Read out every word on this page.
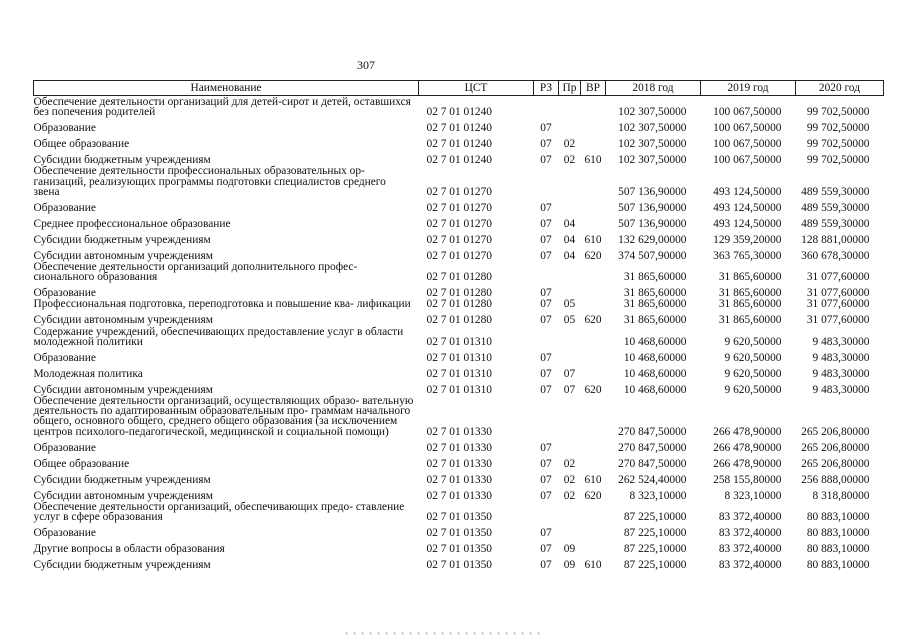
307
Наименование	ЦСТ	РЗ	Пр	ВР	2018 год	2019 год	2020 год
Обеспечение деятельности организаций для детей-сирот и детей, оставшихся без попечения родителей	02 7 01 01240				102 307,50000	100 067,50000	99 702,50000
Образование	02 7 01 01240	07			102 307,50000	100 067,50000	99 702,50000
Общее образование	02 7 01 01240	07	02		102 307,50000	100 067,50000	99 702,50000
Субсидии бюджетным учреждениям	02 7 01 01240	07	02	610	102 307,50000	100 067,50000	99 702,50000
Обеспечение деятельности профессиональных образовательных ор- ганизаций, реализующих программы подготовки специалистов среднего звена	02 7 01 01270				507 136,90000	493 124,50000	489 559,30000
Образование	02 7 01 01270	07			507 136,90000	493 124,50000	489 559,30000
Среднее профессиональное образование	02 7 01 01270	07	04		507 136,90000	493 124,50000	489 559,30000
Субсидии бюджетным учреждениям	02 7 01 01270	07	04	610	132 629,00000	129 359,20000	128 881,00000
Субсидии автономным учреждениям	02 7 01 01270	07	04	620	374 507,90000	363 765,30000	360 678,30000
Обеспечение деятельности организаций дополнительного профес- сионального образования	02 7 01 01280				31 865,60000	31 865,60000	31 077,60000
Образование	02 7 01 01280	07			31 865,60000	31 865,60000	31 077,60000
Профессиональная подготовка, переподготовка и повышение ква- лификации	02 7 01 01280	07	05		31 865,60000	31 865,60000	31 077,60000
Субсидии автономным учреждениям	02 7 01 01280	07	05	620	31 865,60000	31 865,60000	31 077,60000
Содержание учреждений, обеспечивающих предоставление услуг в области молодежной политики	02 7 01 01310				10 468,60000	9 620,50000	9 483,30000
Образование	02 7 01 01310	07			10 468,60000	9 620,50000	9 483,30000
Молодежная политика	02 7 01 01310	07	07		10 468,60000	9 620,50000	9 483,30000
Субсидии автономным учреждениям	02 7 01 01310	07	07	620	10 468,60000	9 620,50000	9 483,30000
Обеспечение деятельности организаций, осуществляющих образо- вательную деятельность по адаптированным образовательным про- граммам начального общего, основного общего, среднего общего образования (за исключением центров психолого-педагогической, медицинской и социальной помощи)	02 7 01 01330				270 847,50000	266 478,90000	265 206,80000
Образование	02 7 01 01330	07			270 847,50000	266 478,90000	265 206,80000
Общее образование	02 7 01 01330	07	02		270 847,50000	266 478,90000	265 206,80000
Субсидии бюджетным учреждениям	02 7 01 01330	07	02	610	262 524,40000	258 155,80000	256 888,00000
Субсидии автономным учреждениям	02 7 01 01330	07	02	620	8 323,10000	8 323,10000	8 318,80000
Обеспечение деятельности организаций, обеспечивающих предо- ставление услуг в сфере образования	02 7 01 01350				87 225,10000	83 372,40000	80 883,10000
Образование	02 7 01 01350	07			87 225,10000	83 372,40000	80 883,10000
Другие вопросы в области образования	02 7 01 01350	07	09		87 225,10000	83 372,40000	80 883,10000
Субсидии бюджетным учреждениям	02 7 01 01350	07	09	610	87 225,10000	83 372,40000	80 883,10000
